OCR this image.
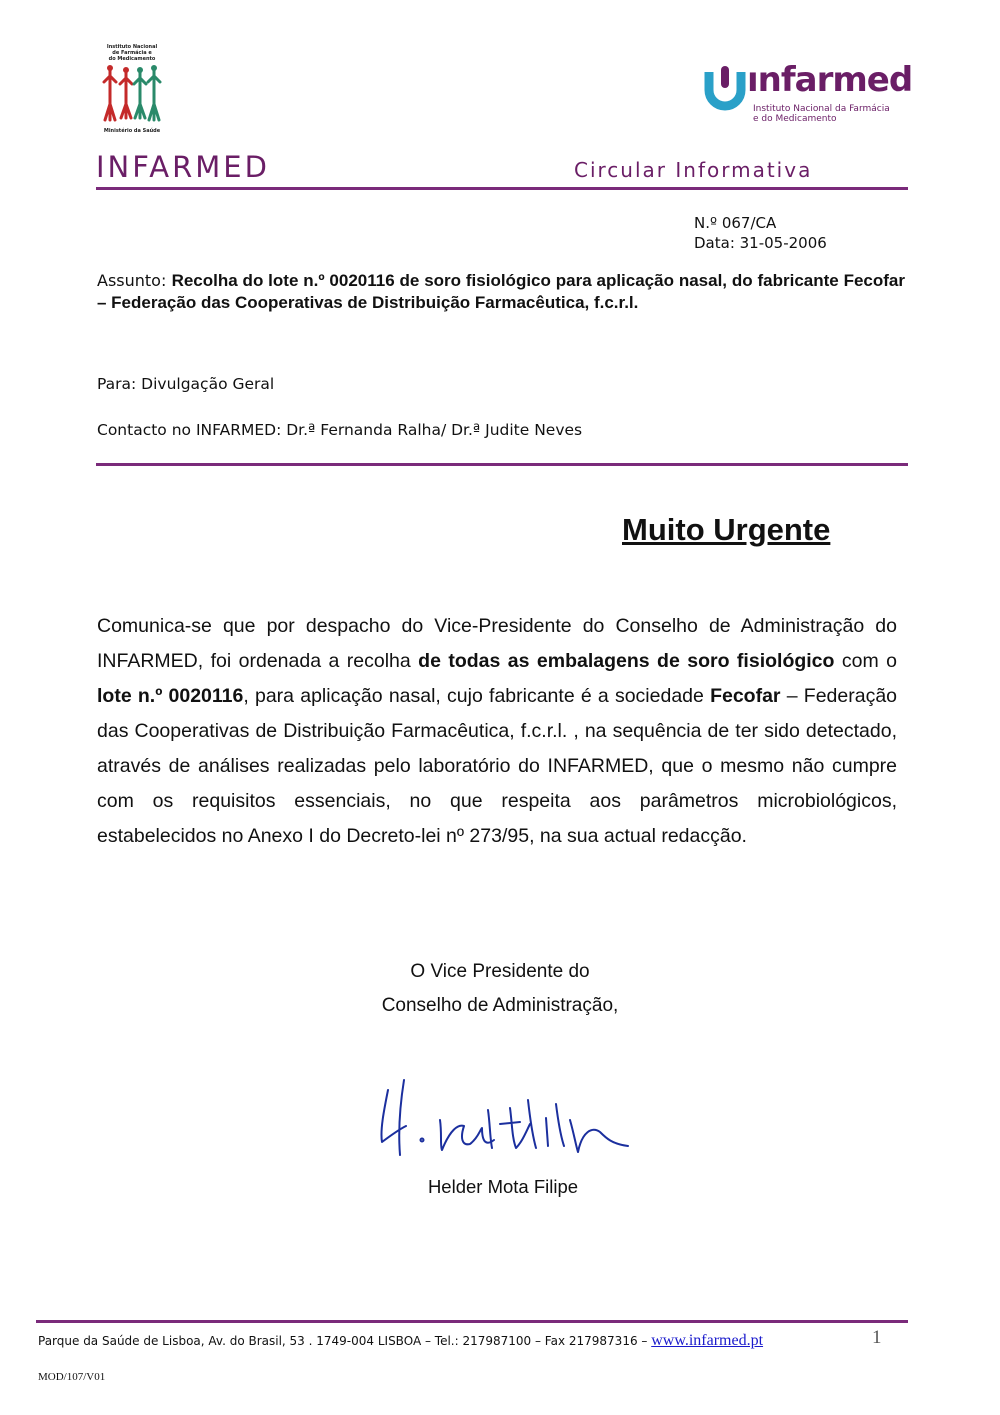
Instituto Nacional
de Farmácia e
do Medicamento
Ministério da Saúde
ınfarmed
Instituto Nacional da Farmácia
e do Medicamento
INFARMED	Circular Informativa
N.º 067/CA
Data: 31-05-2006
Assunto: Recolha do lote n.º 0020116 de soro fisiológico para aplicação nasal, do fabricante Fecofar – Federação das Cooperativas de Distribuição Farmacêutica, f.c.r.l.
Para: Divulgação Geral
Contacto no INFARMED: Dr.ª Fernanda Ralha/ Dr.ª Judite Neves
Muito Urgente
Comunica-se que por despacho do Vice-Presidente do Conselho de Administração do INFARMED, foi ordenada a recolha de todas as embalagens de soro fisiológico com o lote n.º 0020116, para aplicação nasal, cujo fabricante é a sociedade Fecofar – Federação das Cooperativas de Distribuição Farmacêutica, f.c.r.l. , na sequência de ter sido detectado, através de análises realizadas pelo laboratório do INFARMED, que o mesmo não cumpre com os requisitos essenciais, no que respeita aos parâmetros microbiológicos, estabelecidos no Anexo I do Decreto-lei nº 273/95, na sua actual redacção.
O Vice Presidente do
Conselho de Administração,
Helder Mota Filipe
Parque da Saúde de Lisboa, Av. do Brasil, 53 . 1749-004 LISBOA – Tel.: 217987100 – Fax 217987316 – www.infarmed.pt	1
MOD/107/V01
